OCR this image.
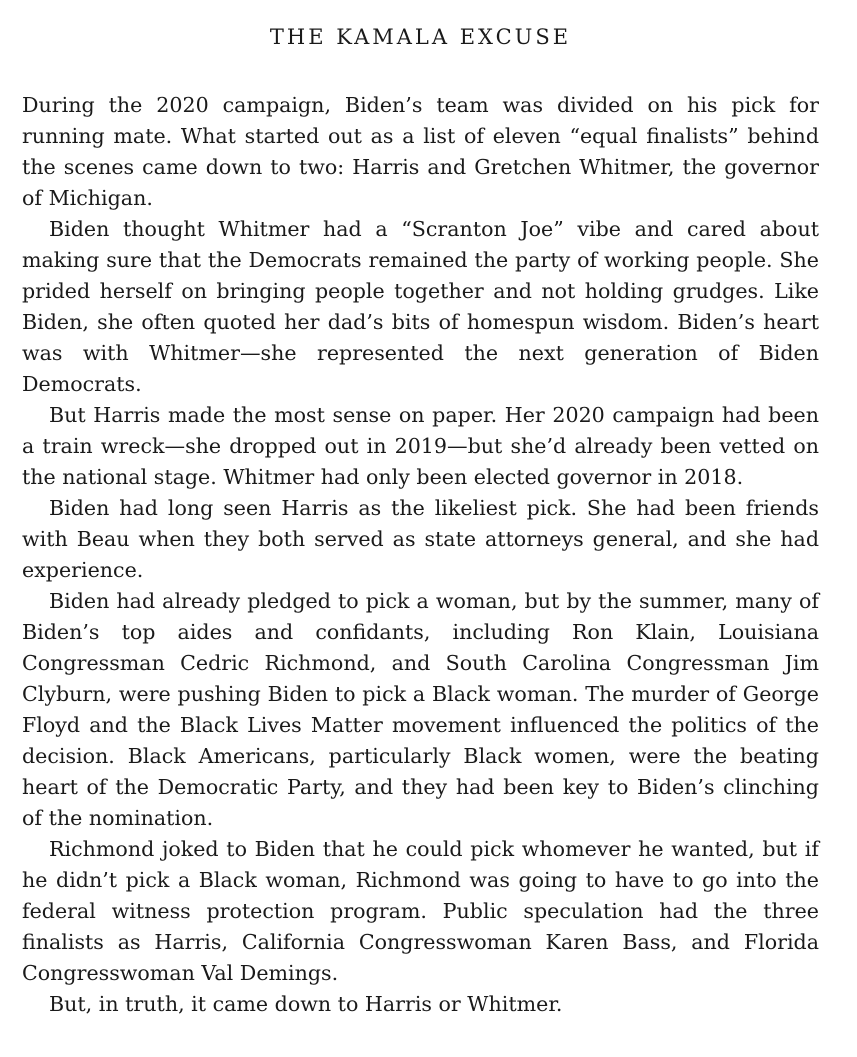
THE KAMALA EXCUSE

During the 2020 campaign, Biden’s team was divided on his pick for running mate. What started out as a list of eleven “equal finalists” behind the scenes came down to two: Harris and Gretchen Whitmer, the governor of Michigan.

Biden thought Whitmer had a “Scranton Joe” vibe and cared about making sure that the Democrats remained the party of working people. She prided herself on bringing people together and not holding grudges. Like Biden, she often quoted her dad’s bits of homespun wisdom. Biden’s heart was with Whitmer—she represented the next generation of Biden Democrats.

But Harris made the most sense on paper. Her 2020 campaign had been a train wreck—she dropped out in 2019—but she’d already been vetted on the national stage. Whitmer had only been elected governor in 2018.

Biden had long seen Harris as the likeliest pick. She had been friends with Beau when they both served as state attorneys general, and she had experience.

Biden had already pledged to pick a woman, but by the summer, many of Biden’s top aides and confidants, including Ron Klain, Louisiana Congressman Cedric Richmond, and South Carolina Congressman Jim Clyburn, were pushing Biden to pick a Black woman. The murder of George Floyd and the Black Lives Matter movement influenced the politics of the decision. Black Americans, particularly Black women, were the beating heart of the Democratic Party, and they had been key to Biden’s clinching of the nomination.

Richmond joked to Biden that he could pick whomever he wanted, but if he didn’t pick a Black woman, Richmond was going to have to go into the federal witness protection program. Public speculation had the three finalists as Harris, California Congresswoman Karen Bass, and Florida Congresswoman Val Demings.

But, in truth, it came down to Harris or Whitmer.
